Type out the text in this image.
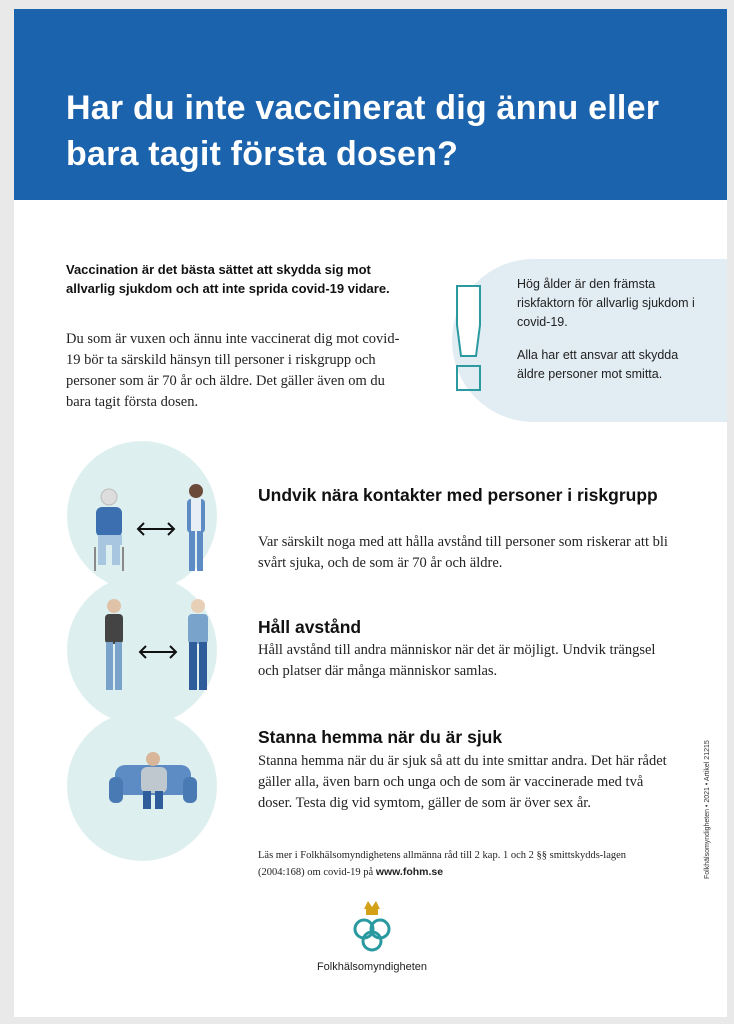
Har du inte vaccinerat dig ännu eller bara tagit första dosen?

Vaccination är det bästa sättet att skydda sig mot allvarlig sjukdom och att inte sprida covid-19 vidare.

Du som är vuxen och ännu inte vaccinerat dig mot covid-19 bör ta särskild hänsyn till personer i riskgrupp och personer som är 70 år och äldre. Det gäller även om du bara tagit första dosen.

Hög ålder är den främsta riskfaktorn för allvarlig sjukdom i covid-19.

Alla har ett ansvar att skydda äldre personer mot smitta.

Undvik nära kontakter med personer i riskgrupp

Var särskilt noga med att hålla avstånd till personer som riskerar att bli svårt sjuka, och de som är 70 år och äldre.

Håll avstånd

Håll avstånd till andra människor när det är möjligt. Undvik trängsel och platser där många människor samlas.

Stanna hemma när du är sjuk

Stanna hemma när du är sjuk så att du inte smittar andra. Det här rådet gäller alla, även barn och unga och de som är vaccinerade med två doser. Testa dig vid symtom, gäller de som är över sex år.

Läs mer i Folkhälsomyndighetens allmänna råd till 2 kap. 1 och 2 §§ smittskydds-lagen (2004:168) om covid-19 på www.fohm.se	Folkhälsomyndigheten • 2021 • Artikel 21215

Folkhälsomyndigheten
